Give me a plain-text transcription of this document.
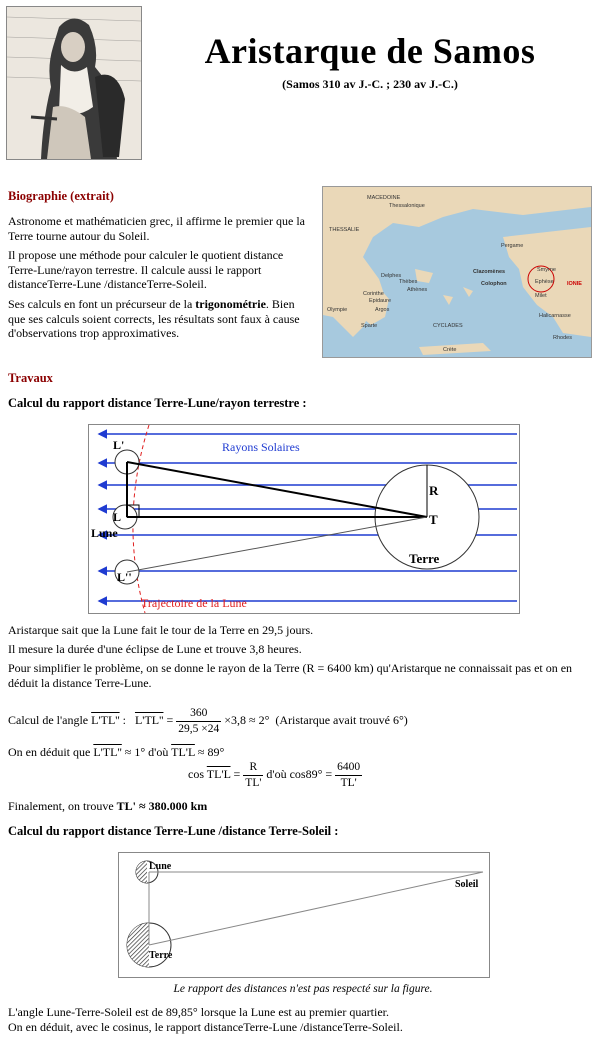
Aristarque de Samos
(Samos 310 av J.-C. ; 230 av J.-C.)
Biographie (extrait)
Astronome et mathématicien grec, il affirme le premier que la Terre tourne autour du Soleil.
Il propose une méthode pour calculer le quotient distance Terre-Lune/rayon terrestre. Il calcule aussi le rapport distanceTerre-Lune /distanceTerre-Soleil.
Ses calculs en font un précurseur de la trigonométrie. Bien que ses calculs soient corrects, les résultats sont faux à cause d'observations trop approximatives.
MACEDOINE
Thessalonique
THESSALIE
Pergame
Delphes
Thèbes
Athènes
Corinthe
Epidaure
Argos
Sparte
Olympie
CYCLADES
Clazomènes
Colophon
Smyrne
Ephèse
Milet
IONIE
Halicarnasse
Rhodes
Crète
Travaux
Calcul du rapport distance Terre-Lune/rayon terrestre :
Rayons Solaires
L'
L
Lune
L''
R
T
Terre
Trajectoire de la Lune
Aristarque sait que la Lune fait le tour de la Terre en 29,5 jours.
Il mesure la durée d'une éclipse de Lune et trouve 3,8 heures.
Pour simplifier le problème, on se donne le rayon de la Terre (R = 6400 km) qu'Aristarque ne connaissait pas et on en déduit la distance Terre-Lune.
Calcul de l'angle L'TL'' : $L'TL'' = \frac{360}{29,5 \times 24} \times 3,8 \approx 2^\circ$ (Aristarque avait trouvé 6°)
On en déduit que L'TL'' ≈ 1° d'où TL'L ≈ 89°
$\cos TL'L = \frac{R}{TL'}$ d'où $\cos 89^\circ = \frac{6400}{TL'}$
Finalement, on trouve TL' ≈ 380.000 km
Calcul du rapport distance Terre-Lune /distance Terre-Soleil :
Lune
Terre
Soleil
Le rapport des distances n'est pas respecté sur la figure.
L'angle Lune-Terre-Soleil est de 89,85° lorsque la Lune est au premier quartier.
On en déduit, avec le cosinus, le rapport distanceTerre-Lune /distanceTerre-Soleil.
